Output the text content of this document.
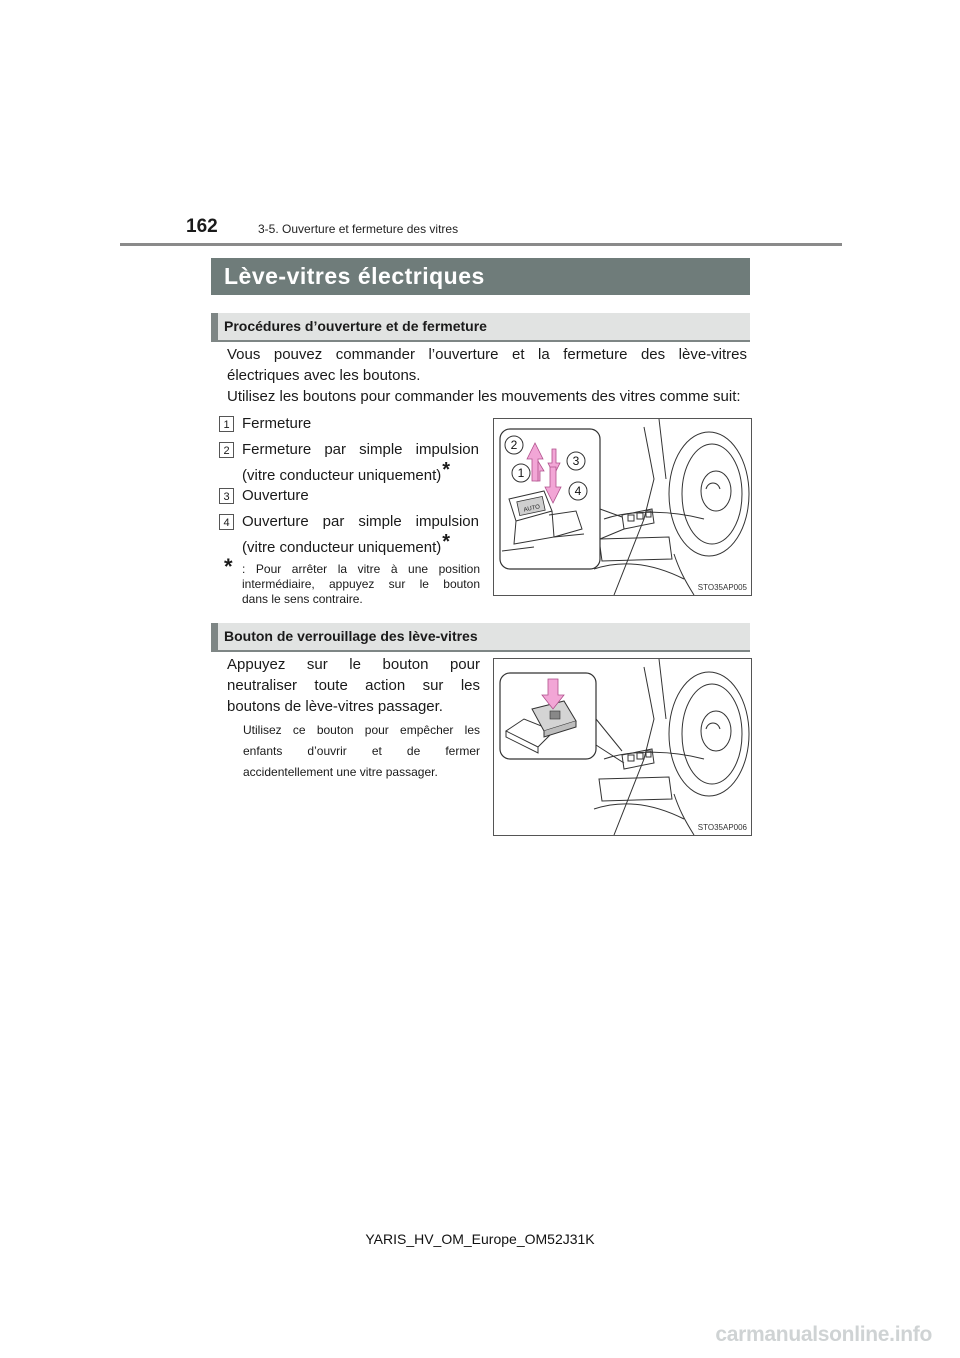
162	3-5. Ouverture et fermeture des vitres
Lève-vitres électriques
Procédures d’ouverture et de fermeture

Vous pouvez commander l’ouverture et la fermeture des lève-vitres

électriques avec les boutons.

Utilisez les boutons pour commander les mouvements des vitres comme suit:

1 Fermeture
2 Fermeture par simple impulsion
(vitre conducteur uniquement)*
3 Ouverture
4 Ouverture par simple impulsion
(vitre conducteur uniquement)*
* : Pour arrêter la vitre à une position
intermédiaire, appuyez sur le bouton
dans le sens contraire.
AUTO
2
1
3
4
STO35AP005
Bouton de verrouillage des lève-vitres
Appuyez sur le bouton pour
neutraliser toute action sur les
boutons de lève-vitres passager.
Utilisez ce bouton pour empêcher les
enfants d’ouvrir et de fermer
accidentellement une vitre passager.
STO35AP006
YARIS_HV_OM_Europe_OM52J31K
carmanualsonline.info
